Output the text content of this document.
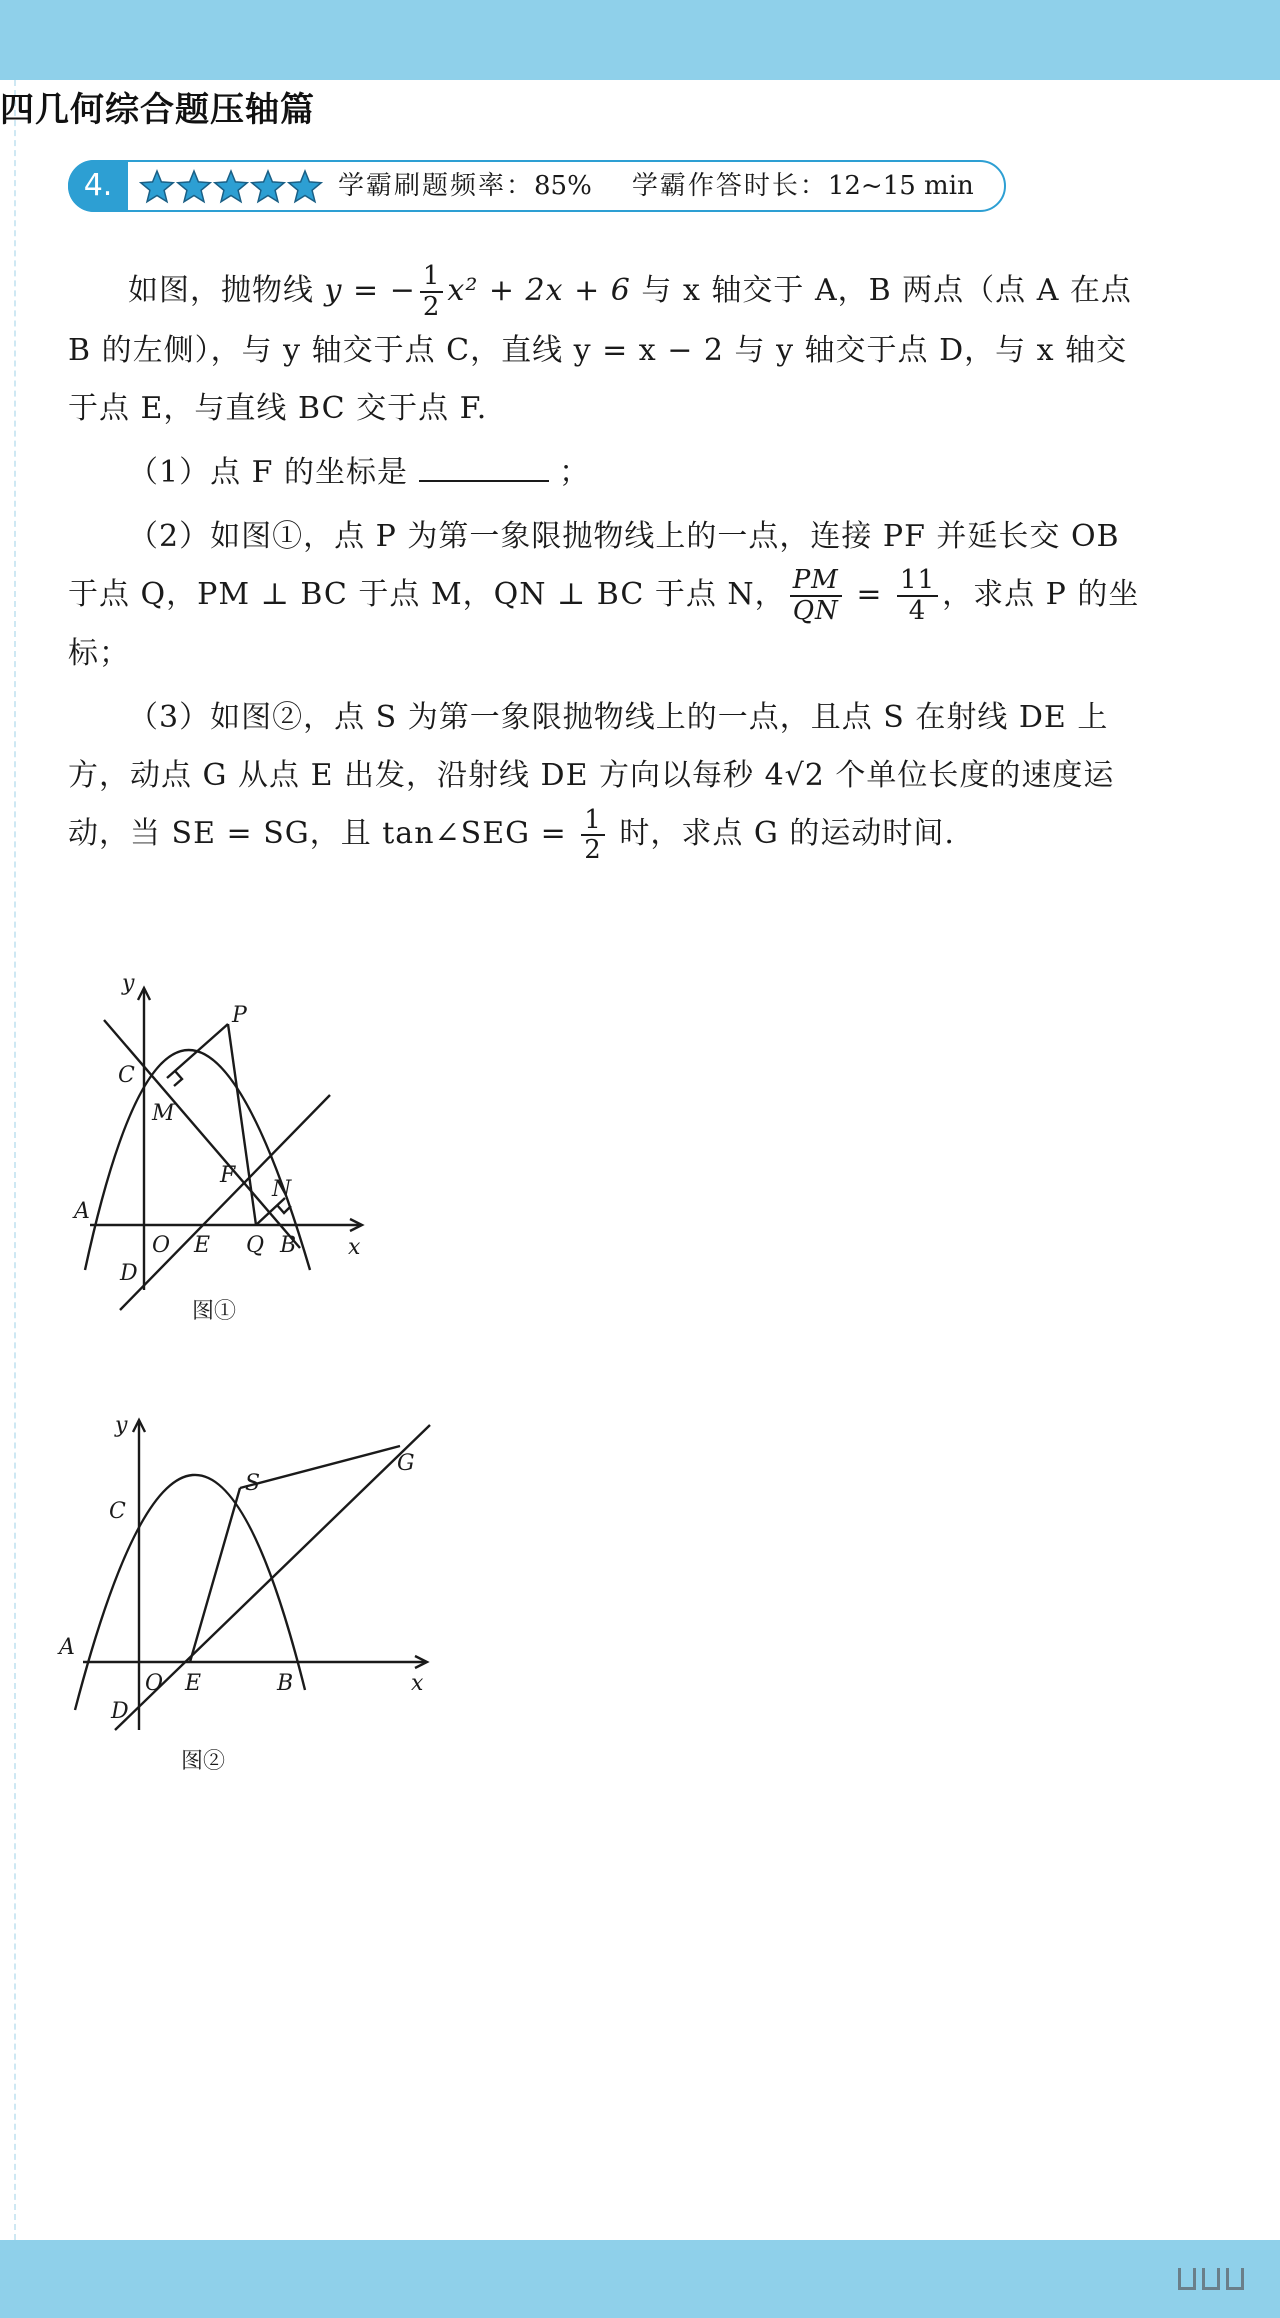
四几何综合题压轴篇
4.	学霸刷题频率：85% 学霸作答时长：12~15 min

如图，抛物线 y = − $\frac{1}{2} x^2 + 2x + 6$ 与 x 轴交于 A，B 两点（点 A 在点 B 的左侧），与 y 轴交于点 C，直线 y = x − 2 与 y 轴交于点 D，与 x 轴交于点 E，与直线 BC 交于点 F.

（1）点 F 的坐标是	；

（2）如图①，点 P 为第一象限抛物线上的一点，连接 PF 并延长交 OB 于点 Q，PM ⊥ BC 于点 M，QN ⊥ BC 于点 N， $\frac{PM}{QN} = \frac{11}{4}$ ，求点 P 的坐标；

（3）如图②，点 S 为第一象限抛物线上的一点，且点 S 在射线 DE 上方，动点 G 从点 E 出发，沿射线 DE 方向以每秒 4√2 个单位长度的速度运动，当 SE = SG，且 tan∠SEG = $\frac{1}{2}$ 时，求点 G 的运动时间.

y
P
C
M
F
N
A
O E Q B x
D
图①
y
C
S
G
A
O E	B	x
D
图②
